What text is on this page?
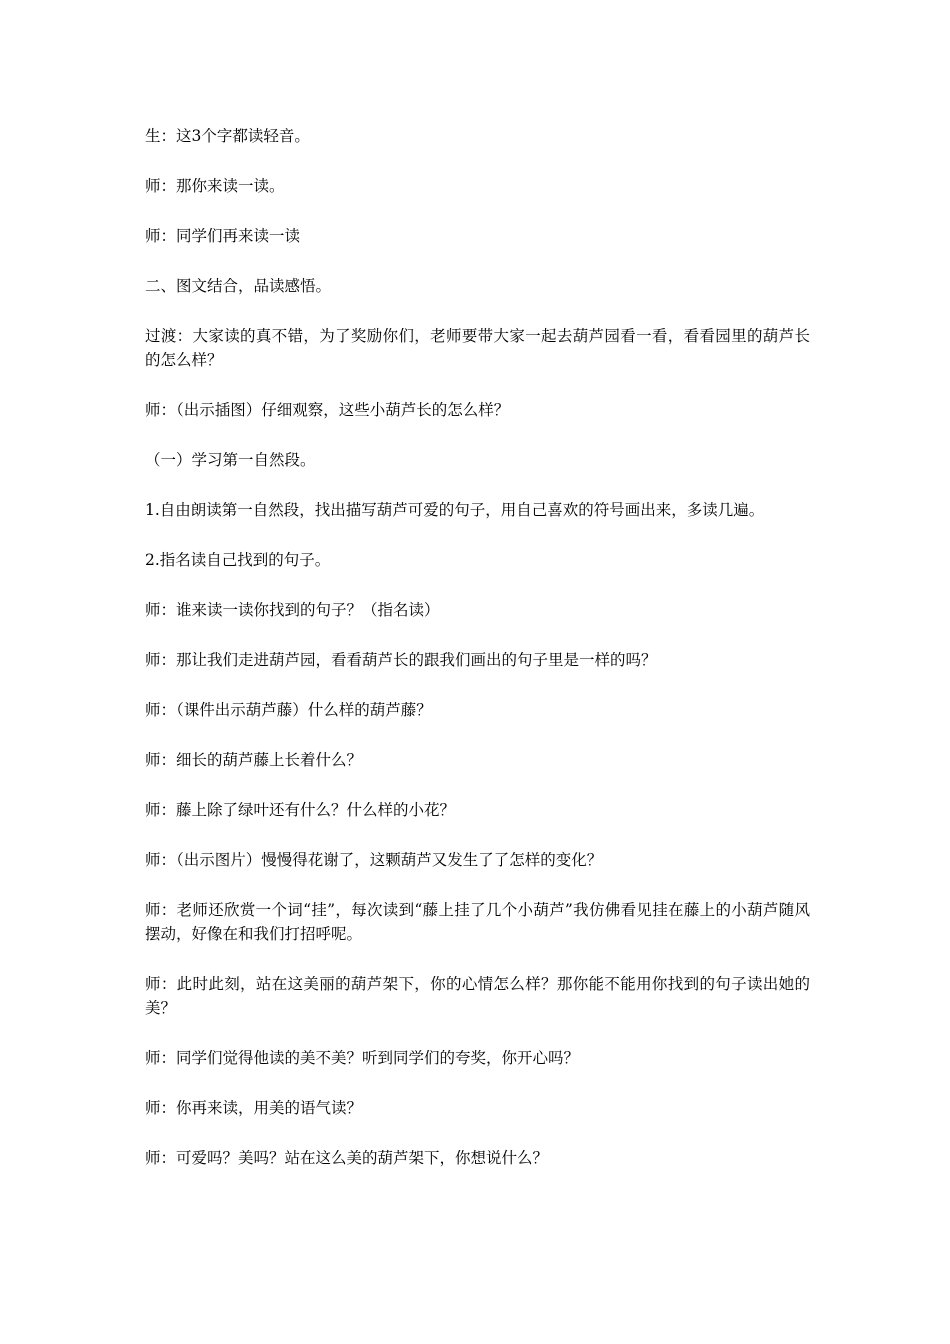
生：这3个字都读轻音。

师：那你来读一读。

师：同学们再来读一读

二、图文结合，品读感悟。

过渡：大家读的真不错，为了奖励你们，老师要带大家一起去葫芦园看一看，看看园里的葫芦长的怎么样？

师：（出示插图）仔细观察，这些小葫芦长的怎么样？

（一）学习第一自然段。

1.自由朗读第一自然段，找出描写葫芦可爱的句子，用自己喜欢的符号画出来，多读几遍。

2.指名读自己找到的句子。

师：谁来读一读你找到的句子？（指名读）

师：那让我们走进葫芦园，看看葫芦长的跟我们画出的句子里是一样的吗？

师：（课件出示葫芦藤）什么样的葫芦藤？

师：细长的葫芦藤上长着什么？

师：藤上除了绿叶还有什么？什么样的小花？

师：（出示图片）慢慢得花谢了，这颗葫芦又发生了了怎样的变化？

师：老师还欣赏一个词“挂”，每次读到“藤上挂了几个小葫芦”我仿佛看见挂在藤上的小葫芦随风摆动，好像在和我们打招呼呢。

师：此时此刻，站在这美丽的葫芦架下，你的心情怎么样？那你能不能用你找到的句子读出她的美？

师：同学们觉得他读的美不美？听到同学们的夸奖，你开心吗？

师：你再来读，用美的语气读？

师：可爱吗？美吗？站在这么美的葫芦架下，你想说什么？
